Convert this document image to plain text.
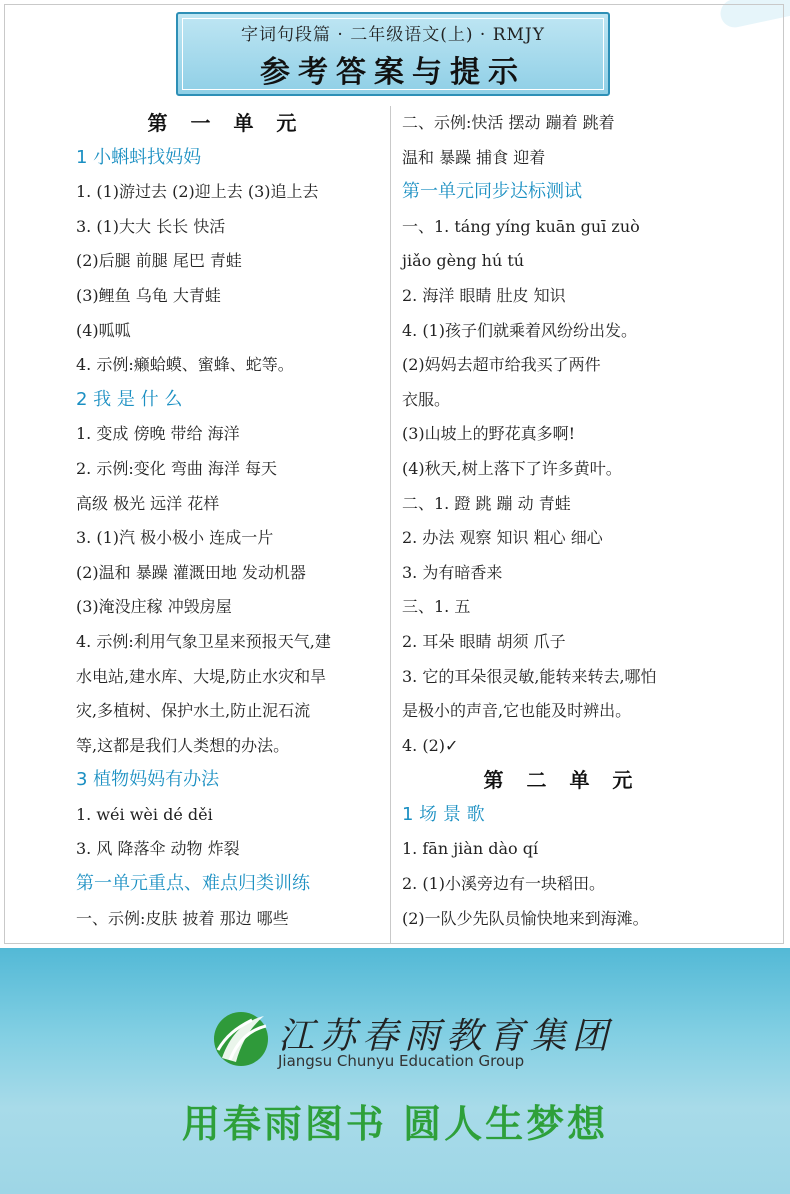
字词句段篇 · 二年级语文(上) · RMJY
参考答案与提示
第 一 单 元
1 小蝌蚪找妈妈
1. (1)游过去 (2)迎上去 (3)追上去
3. (1)大大 长长 快活
(2)后腿 前腿 尾巴 青蛙
(3)鲤鱼 乌龟 大青蛙
(4)呱呱
4. 示例:癞蛤蟆、蜜蜂、蛇等。
2 我 是 什 么
1. 变成 傍晚 带给 海洋
2. 示例:变化 弯曲 海洋 每天
高级 极光 远洋 花样
3. (1)汽 极小极小 连成一片
(2)温和 暴躁 灌溉田地 发动机器
(3)淹没庄稼 冲毁房屋
4. 示例:利用气象卫星来预报天气,建
水电站,建水库、大堤,防止水灾和旱
灾,多植树、保护水土,防止泥石流
等,这都是我们人类想的办法。
3 植物妈妈有办法
1. wéi wèi dé děi
3. 风 降落伞 动物 炸裂
第一单元重点、难点归类训练
一、示例:皮肤 披着 那边 哪些
二、示例:快活 摆动 蹦着 跳着
温和 暴躁 捕食 迎着
第一单元同步达标测试
一、1. táng yíng kuān guī zuò
jiǎo gèng hú tú
2. 海洋 眼睛 肚皮 知识
4. (1)孩子们就乘着风纷纷出发。
(2)妈妈去超市给我买了两件
衣服。
(3)山坡上的野花真多啊!
(4)秋天,树上落下了许多黄叶。
二、1. 蹬 跳 蹦 动 青蛙
2. 办法 观察 知识 粗心 细心
3. 为有暗香来
三、1. 五
2. 耳朵 眼睛 胡须 爪子
3. 它的耳朵很灵敏,能转来转去,哪怕
是极小的声音,它也能及时辨出。
4. (2)✓
第 二 单 元
1 场 景 歌
1. fān jiàn dào qí
2. (1)小溪旁边有一块稻田。
(2)一队少先队员愉快地来到海滩。
江苏春雨教育集团
Jiangsu Chunyu Education Group
用春雨图书 圆人生梦想
